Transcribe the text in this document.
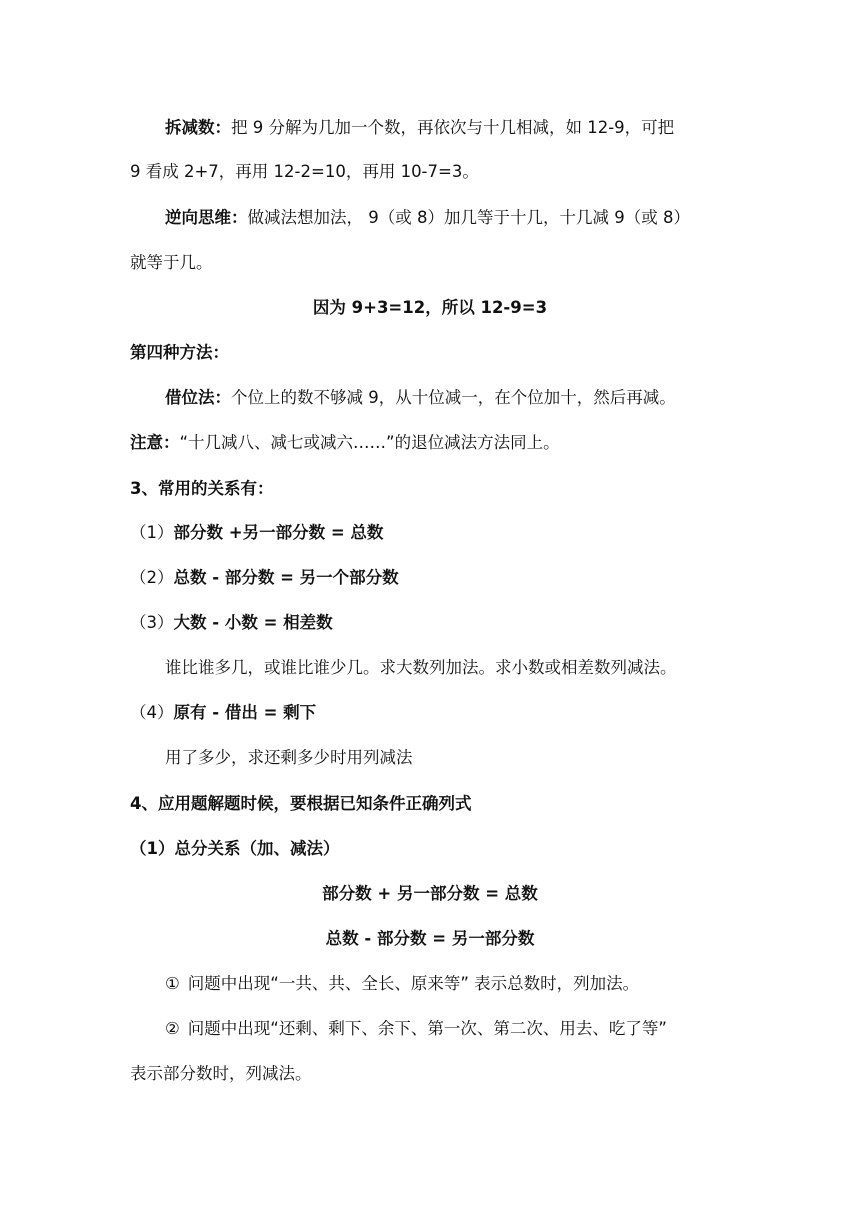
拆减数：把 9 分解为几加一个数，再依次与十几相减，如 12-9，可把
9 看成 2+7，再用 12-2=10，再用 10-7=3。
逆向思维：做减法想加法， 9（或 8）加几等于十几，十几减 9（或 8）
就等于几。
因为 9+3=12，所以 12-9=3
第四种方法：
借位法：个位上的数不够减 9，从十位减一，在个位加十，然后再减。
注意：“十几减八、减七或减六……”的退位减法方法同上。
3、常用的关系有：
（1）部分数 +另一部分数 = 总数
（2）总数 - 部分数 = 另一个部分数
（3）大数 - 小数 = 相差数
谁比谁多几，或谁比谁少几。求大数列加法。求小数或相差数列减法。
（4）原有 - 借出 = 剩下
用了多少，求还剩多少时用列减法
4、应用题解题时候，要根据已知条件正确列式
（1）总分关系（加、减法）
部分数 + 另一部分数 = 总数
总数 - 部分数 = 另一部分数
① 问题中出现“一共、共、全长、原来等” 表示总数时，列加法。
② 问题中出现“还剩、剩下、余下、第一次、第二次、用去、吃了等”
表示部分数时，列减法。
